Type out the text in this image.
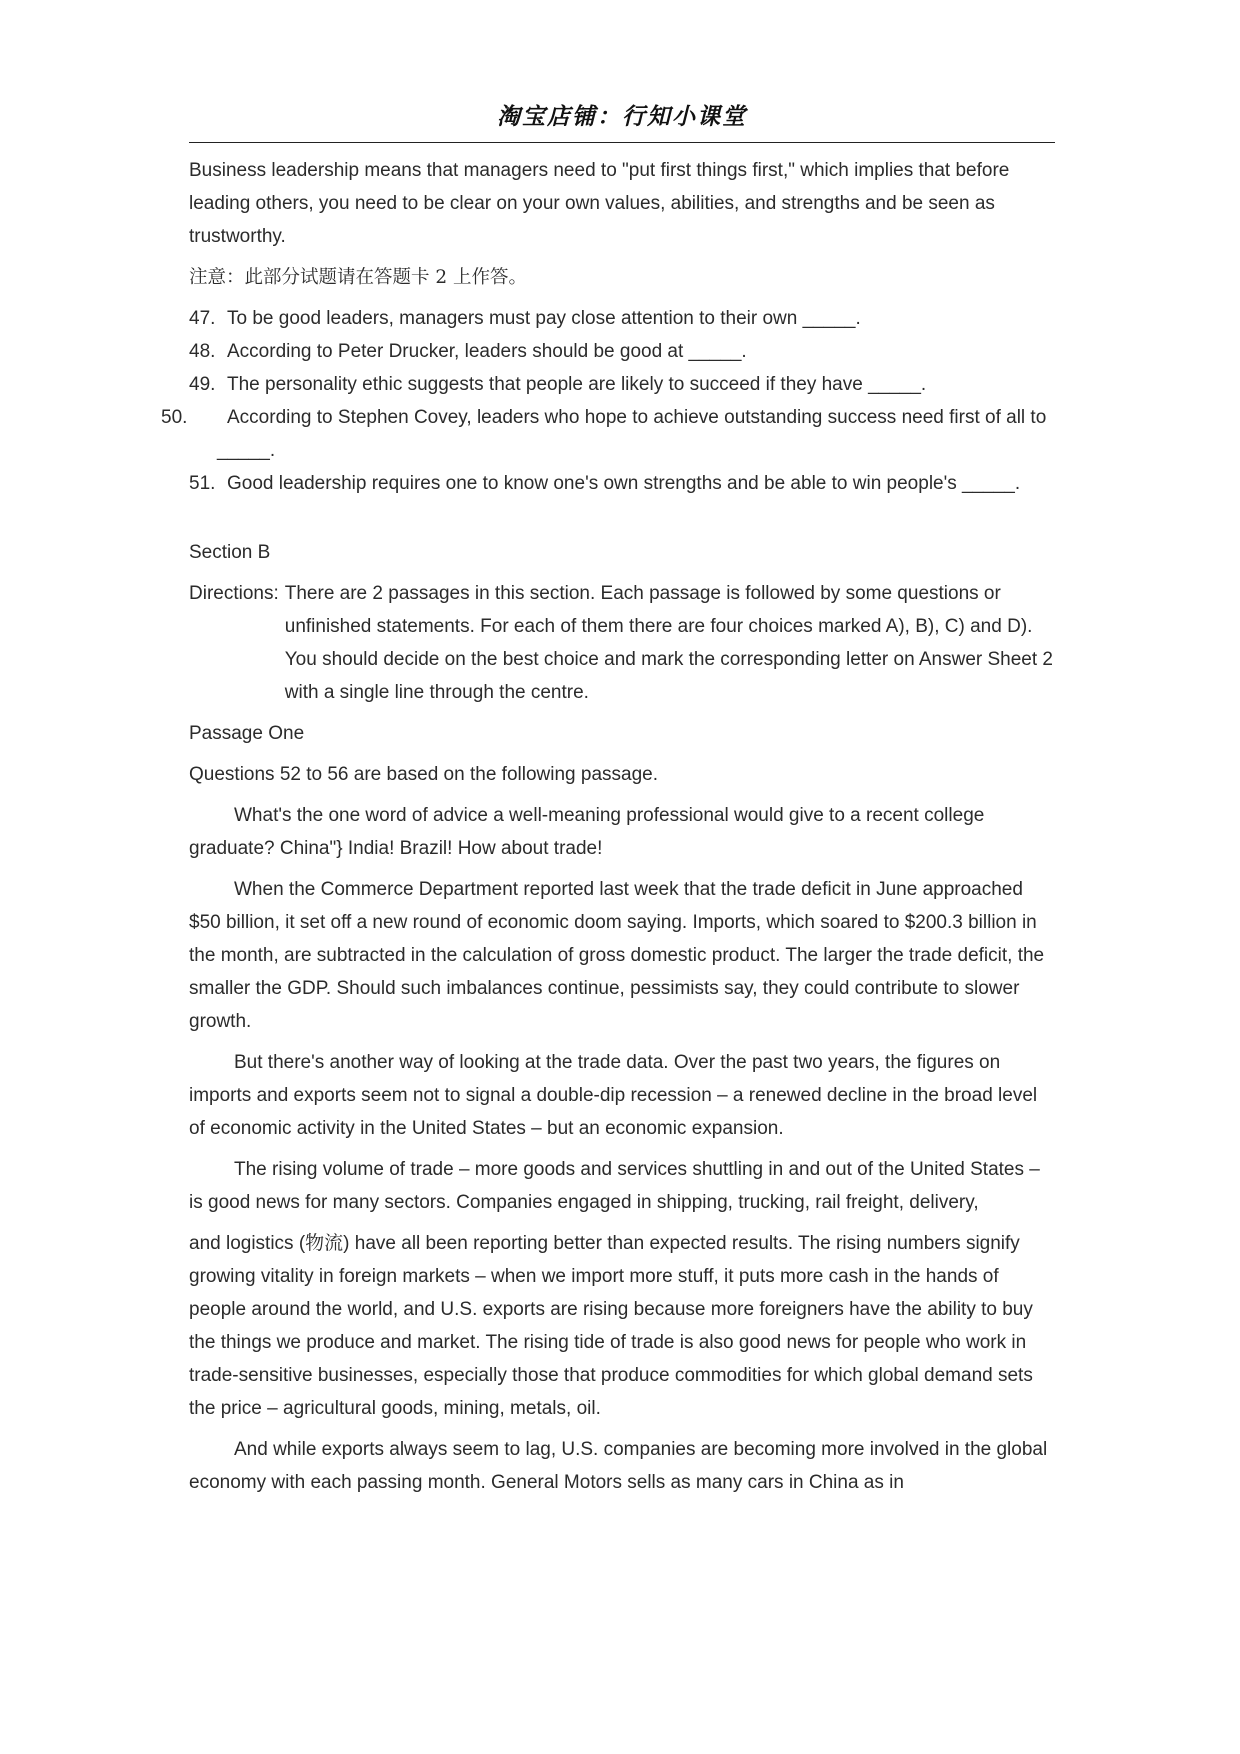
淘宝店铺：行知小课堂

Business leadership means that managers need to "put first things first," which implies that before leading others, you need to be clear on your own values, abilities, and strengths and be seen as trustworthy.

注意：此部分试题请在答题卡 2 上作答。

47. To be good leaders, managers must pay close attention to their own _____.

48. According to Peter Drucker, leaders should be good at _____.

49. The personality ethic suggests that people are likely to succeed if they have _____.

50. According to Stephen Covey, leaders who hope to achieve outstanding success need first of all to _____.

51. Good leadership requires one to know one's own strengths and be able to win people's _____.

Section B

Directions: There are 2 passages in this section. Each passage is followed by some questions or unfinished statements. For each of them there are four choices marked A), B), C) and D). You should decide on the best choice and mark the corresponding letter on Answer Sheet 2 with a single line through the centre.

Passage One

Questions 52 to 56 are based on the following passage.

What's the one word of advice a well-meaning professional would give to a recent college graduate? China"} India! Brazil! How about trade!

When the Commerce Department reported last week that the trade deficit in June approached $50 billion, it set off a new round of economic doom saying. Imports, which soared to $200.3 billion in the month, are subtracted in the calculation of gross domestic product. The larger the trade deficit, the smaller the GDP. Should such imbalances continue, pessimists say, they could contribute to slower growth.

But there's another way of looking at the trade data. Over the past two years, the figures on imports and exports seem not to signal a double-dip recession – a renewed decline in the broad level of economic activity in the United States – but an economic expansion.

The rising volume of trade – more goods and services shuttling in and out of the United States – is good news for many sectors. Companies engaged in shipping, trucking, rail freight, delivery,

and logistics (物流) have all been reporting better than expected results. The rising numbers signify growing vitality in foreign markets – when we import more stuff, it puts more cash in the hands of people around the world, and U.S. exports are rising because more foreigners have the ability to buy the things we produce and market. The rising tide of trade is also good news for people who work in trade-sensitive businesses, especially those that produce commodities for which global demand sets the price – agricultural goods, mining, metals, oil.

And while exports always seem to lag, U.S. companies are becoming more involved in the global economy with each passing month. General Motors sells as many cars in China as in
